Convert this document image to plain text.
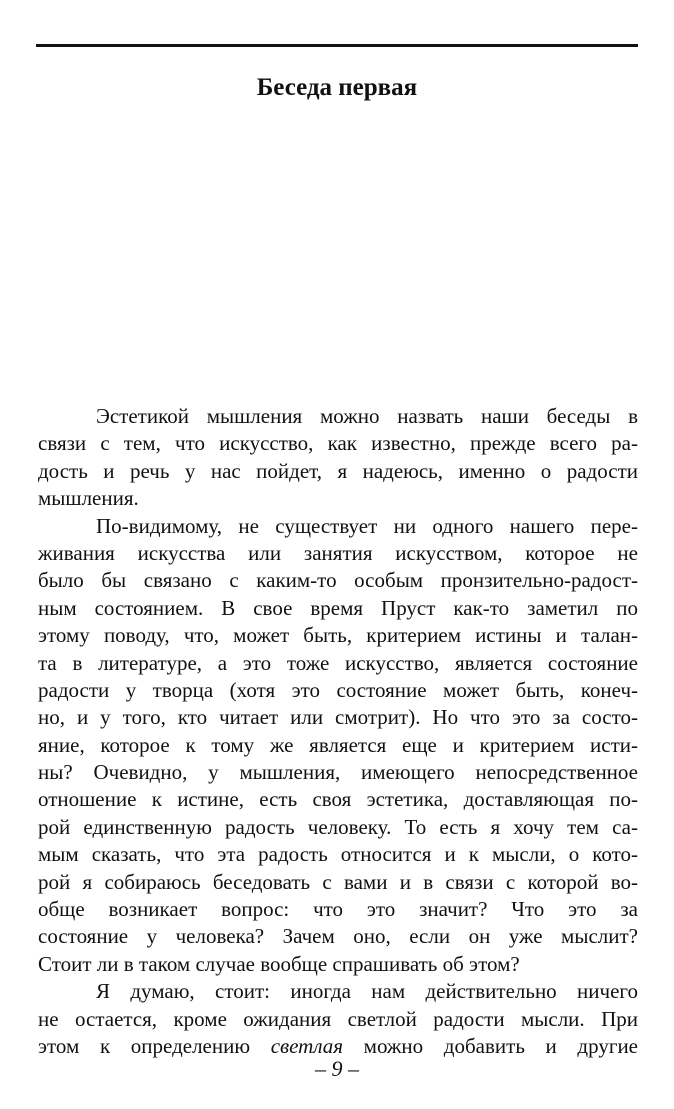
Беседа первая
Эстетикой мышления можно назвать наши беседы в
связи с тем, что искусство, как известно, прежде всего ра-
дость и речь у нас пойдет, я надеюсь, именно о радости
мышления.
По-видимому, не существует ни одного нашего пере-
живания искусства или занятия искусством, которое не
было бы связано с каким-то особым пронзительно-радост-
ным состоянием. В свое время Пруст как-то заметил по
этому поводу, что, может быть, критерием истины и талан-
та в литературе, а это тоже искусство, является состояние
радости у творца (хотя это состояние может быть, конеч-
но, и у того, кто читает или смотрит). Но что это за состо-
яние, которое к тому же является еще и критерием исти-
ны? Очевидно, у мышления, имеющего непосредственное
отношение к истине, есть своя эстетика, доставляющая по-
рой единственную радость человеку. То есть я хочу тем са-
мым сказать, что эта радость относится и к мысли, о кото-
рой я собираюсь беседовать с вами и в связи с которой во-
обще возникает вопрос: что это значит? Что это за
состояние у человека? Зачем оно, если он уже мыслит?
Стоит ли в таком случае вообще спрашивать об этом?
Я думаю, стоит: иногда нам действительно ничего
не остается, кроме ожидания светлой радости мысли. При
этом к определению светлая можно добавить и другие
– 9 –
